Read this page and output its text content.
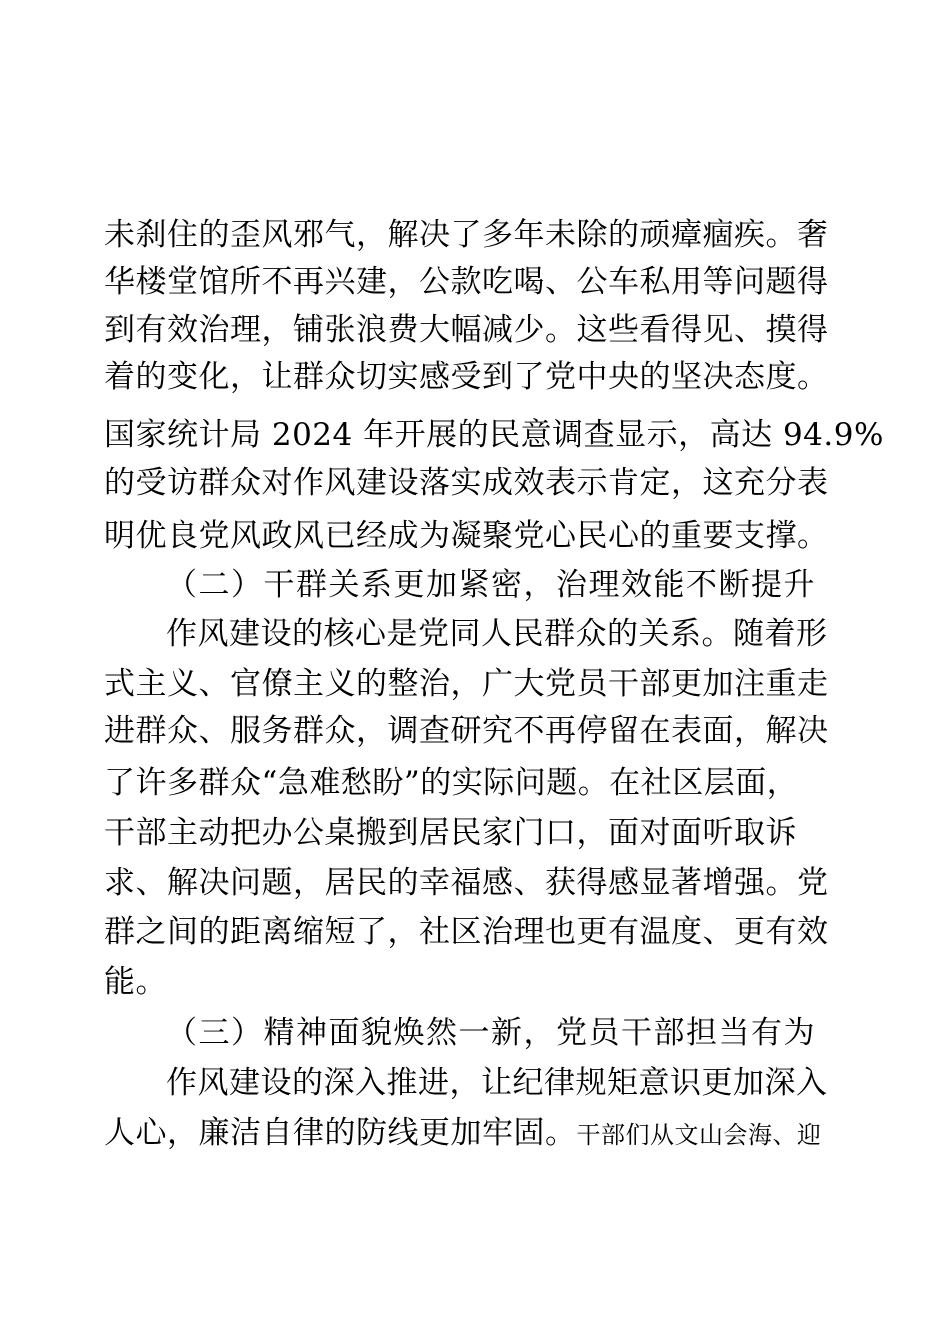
未刹住的歪风邪气，解决了多年未除的顽瘴痼疾。奢
华楼堂馆所不再兴建，公款吃喝、公车私用等问题得
到有效治理，铺张浪费大幅减少。这些看得见、摸得
着的变化，让群众切实感受到了党中央的坚决态度。
国家统计局 2024 年开展的民意调查显示，高达 94.9%
的受访群众对作风建设落实成效表示肯定，这充分表
明优良党风政风已经成为凝聚党心民心的重要支撑。
（二）干群关系更加紧密，治理效能不断提升
作风建设的核心是党同人民群众的关系。随着形
式主义、官僚主义的整治，广大党员干部更加注重走
进群众、服务群众，调查研究不再停留在表面，解决
了许多群众“急难愁盼”的实际问题。在社区层面，
干部主动把办公桌搬到居民家门口，面对面听取诉
求、解决问题，居民的幸福感、获得感显著增强。党
群之间的距离缩短了，社区治理也更有温度、更有效
能。
（三）精神面貌焕然一新，党员干部担当有为
作风建设的深入推进，让纪律规矩意识更加深入
人心，廉洁自律的防线更加牢固。干部们从文山会海、迎
